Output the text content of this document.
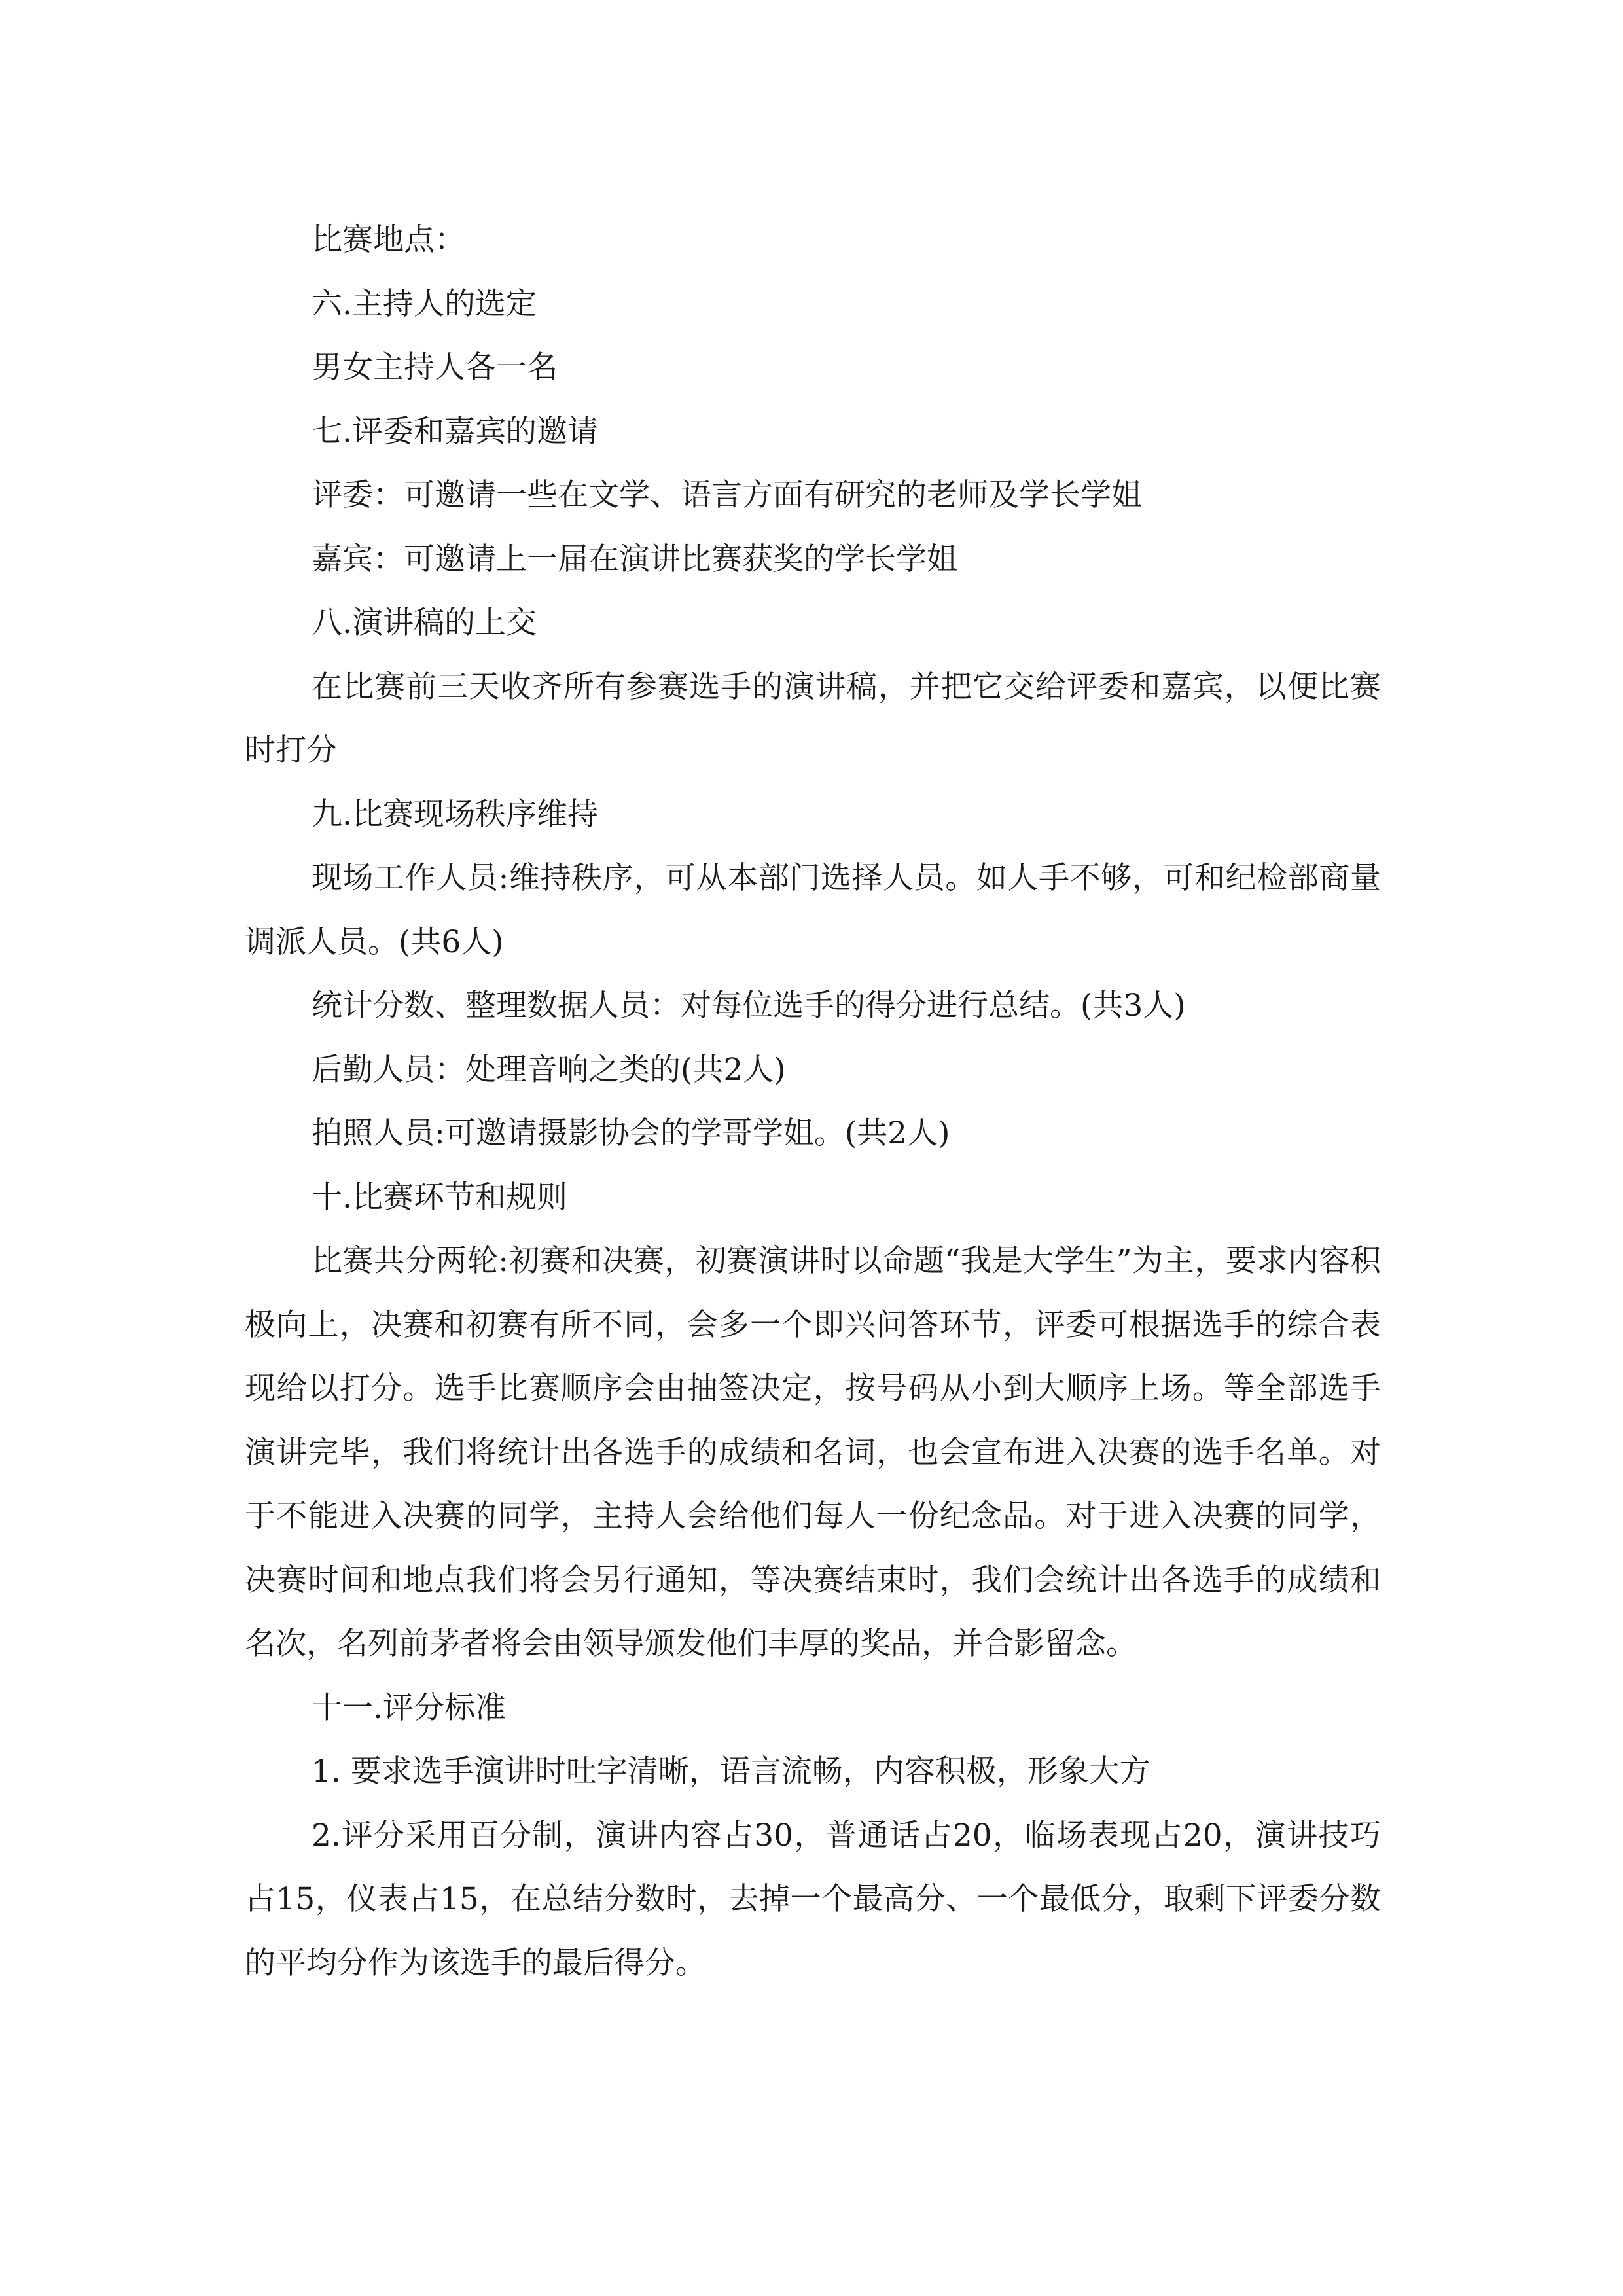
比赛地点：

六.主持人的选定

男女主持人各一名

七.评委和嘉宾的邀请

评委：可邀请一些在文学、语言方面有研究的老师及学长学姐

嘉宾：可邀请上一届在演讲比赛获奖的学长学姐

八.演讲稿的上交

在比赛前三天收齐所有参赛选手的演讲稿，并把它交给评委和嘉宾，以便比赛时打分

九.比赛现场秩序维持

现场工作人员:维持秩序，可从本部门选择人员。如人手不够，可和纪检部商量调派人员。(共6人)

统计分数、整理数据人员：对每位选手的得分进行总结。(共3人)

后勤人员：处理音响之类的(共2人)

拍照人员:可邀请摄影协会的学哥学姐。(共2人)

十.比赛环节和规则

比赛共分两轮:初赛和决赛，初赛演讲时以命题“我是大学生”为主，要求内容积极向上，决赛和初赛有所不同，会多一个即兴问答环节，评委可根据选手的综合表现给以打分。选手比赛顺序会由抽签决定，按号码从小到大顺序上场。等全部选手演讲完毕，我们将统计出各选手的成绩和名词，也会宣布进入决赛的选手名单。对于不能进入决赛的同学，主持人会给他们每人一份纪念品。对于进入决赛的同学，决赛时间和地点我们将会另行通知，等决赛结束时，我们会统计出各选手的成绩和名次，名列前茅者将会由领导颁发他们丰厚的奖品，并合影留念。

十一.评分标准

1. 要求选手演讲时吐字清晰，语言流畅，内容积极，形象大方

2.评分采用百分制，演讲内容占30，普通话占20，临场表现占20，演讲技巧占15，仪表占15，在总结分数时，去掉一个最高分、一个最低分，取剩下评委分数的平均分作为该选手的最后得分。
